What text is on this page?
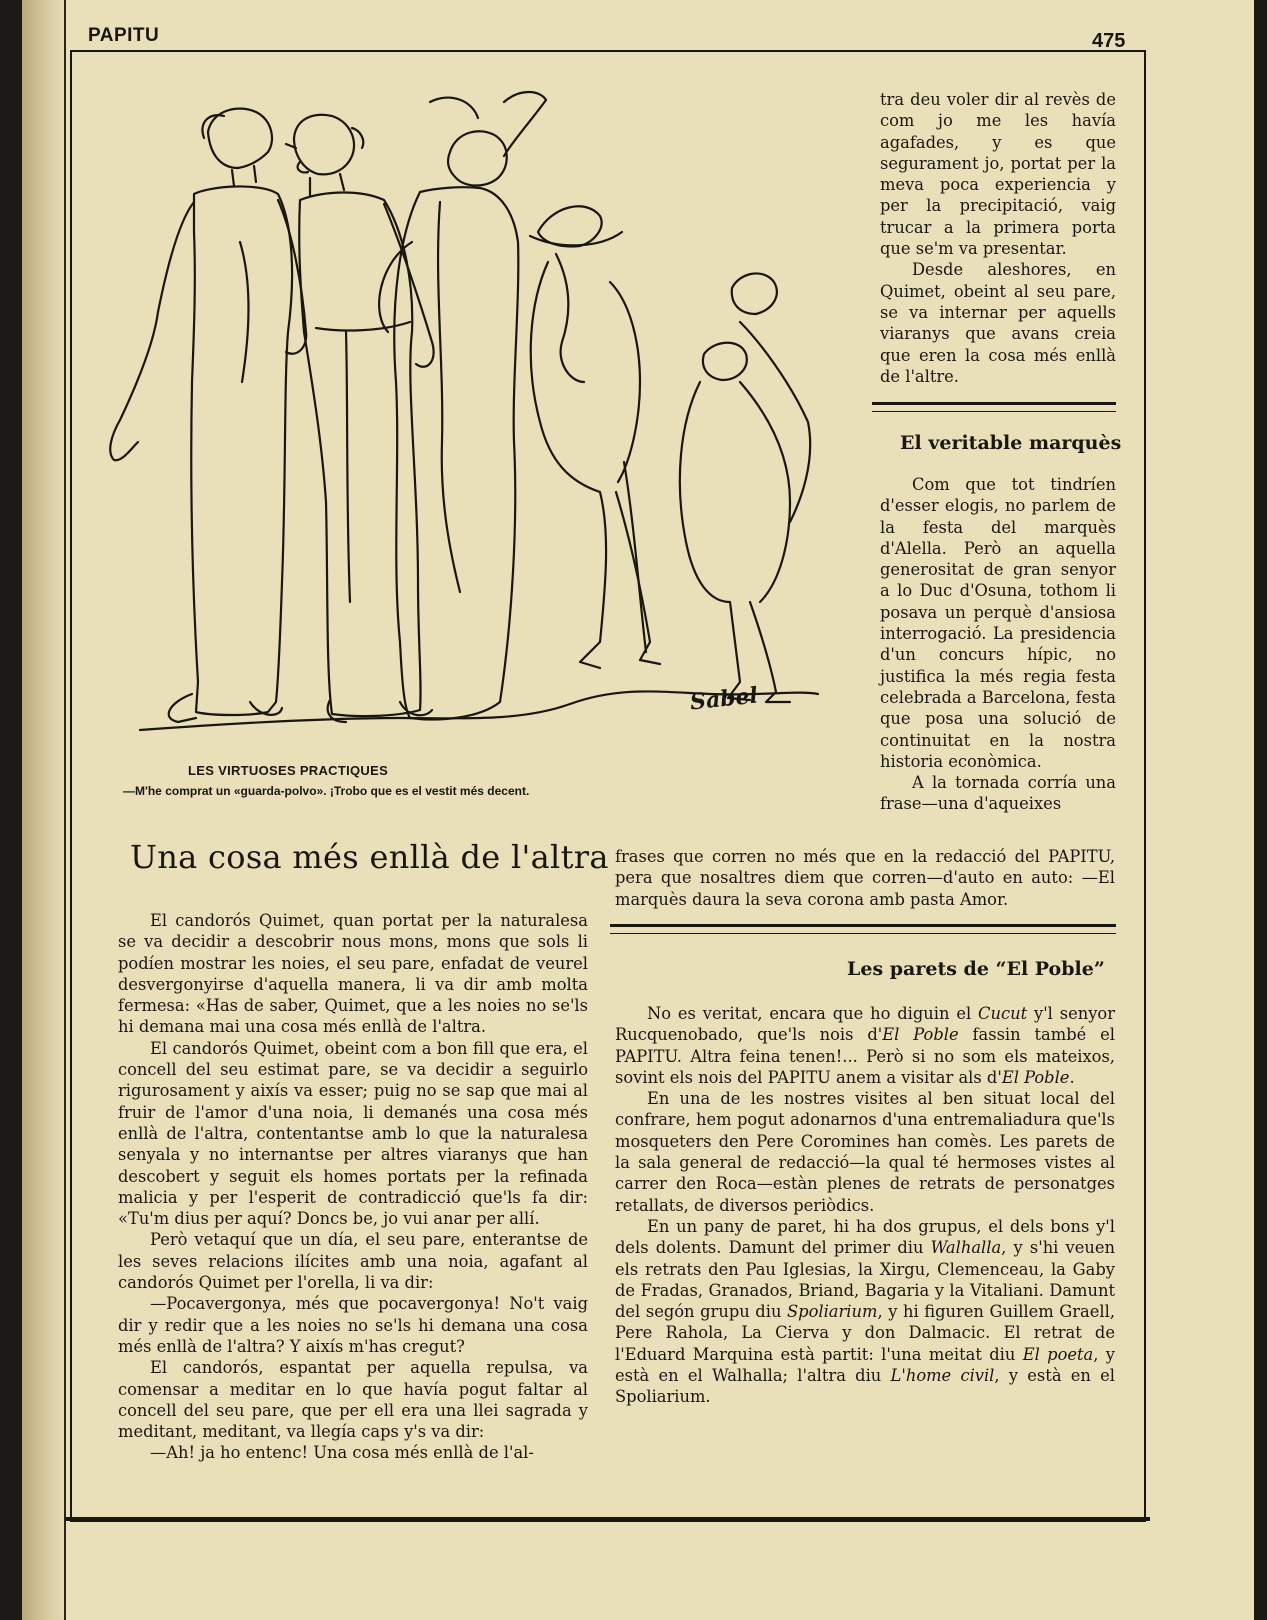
PAPITU	475
Sabel
LES VIRTUOSES PRACTIQUES
—M'he comprat un «guarda-polvo». ¡Trobo que es el vestit més decent.

tra deu voler dir al revès de com jo me les havía agafades, y es que segurament jo, portat per la meva poca experiencia y per la precipitació, vaig trucar a la primera porta que se'm va presentar.

Desde aleshores, en Quimet, obeint al seu pare, se va internar per aquells viaranys que avans creia que eren la cosa més enllà de l'altre.

El veritable marquès

Com que tot tindríen d'esser elogis, no parlem de la festa del marquès d'Alella. Però an aquella generositat de gran senyor a lo Duc d'Osuna, tothom li posava un perquè d'ansiosa interrogació. La presidencia d'un concurs hípic, no justifica la més regia festa celebrada a Barcelona, festa que posa una solució de continuitat en la nostra historia econòmica.

A la tornada corría una frase—una d'aqueixes

frases que corren no més que en la redacció del PAPITU, pera que nosaltres diem que corren—d'auto en auto: —El marquès daura la seva corona amb pasta Amor.

Les parets de “El Poble”
Una cosa més enllà de l'altra

El candorós Quimet, quan portat per la naturalesa se va decidir a descobrir nous mons, mons que sols li podíen mostrar les noies, el seu pare, enfadat de veurel desvergonyirse d'aquella manera, li va dir amb molta fermesa: «Has de saber, Quimet, que a les noies no se'ls hi demana mai una cosa més enllà de l'altra.

El candorós Quimet, obeint com a bon fill que era, el concell del seu estimat pare, se va decidir a seguirlo rigurosament y aixís va esser; puig no se sap que mai al fruir de l'amor d'una noia, li demanés una cosa més enllà de l'altra, contentantse amb lo que la naturalesa senyala y no internantse per altres viaranys que han descobert y seguit els homes portats per la refinada malicia y per l'esperit de contradicció que'ls fa dir: «Tu'm dius per aquí? Doncs be, jo vui anar per allí.

Però vetaquí que un día, el seu pare, enterantse de les seves relacions ilícites amb una noia, agafant al candorós Quimet per l'orella, li va dir:

—Pocavergonya, més que pocavergonya! No't vaig dir y redir que a les noies no se'ls hi demana una cosa més enllà de l'altra? Y aixís m'has cregut?

El candorós, espantat per aquella repulsa, va comensar a meditar en lo que havía pogut faltar al concell del seu pare, que per ell era una llei sagrada y meditant, meditant, va llegía caps y's va dir:

—Ah! ja ho entenc! Una cosa més enllà de l'al-

No es veritat, encara que ho diguin el Cucut y'l senyor Rucquenobado, que'ls nois d'El Poble fassin també el PAPITU. Altra feina tenen!... Però si no som els mateixos, sovint els nois del PAPITU anem a visitar als d'El Poble.

En una de les nostres visites al ben situat local del confrare, hem pogut adonarnos d'una entremaliadura que'ls mosqueters den Pere Coromines han comès. Les parets de la sala general de redacció—la qual té hermoses vistes al carrer den Roca—estàn plenes de retrats de personatges retallats, de diversos periòdics.

En un pany de paret, hi ha dos grupus, el dels bons y'l dels dolents. Damunt del primer diu Walhalla, y s'hi veuen els retrats den Pau Iglesias, la Xirgu, Clemenceau, la Gaby de Fradas, Granados, Briand, Bagaria y la Vitaliani. Damunt del segón grupu diu Spoliarium, y hi figuren Guillem Graell, Pere Rahola, La Cierva y don Dalmacic. El retrat de l'Eduard Marquina està partit: l'una meitat diu El poeta, y està en el Walhalla; l'altra diu L'home civil, y està en el Spoliarium.
